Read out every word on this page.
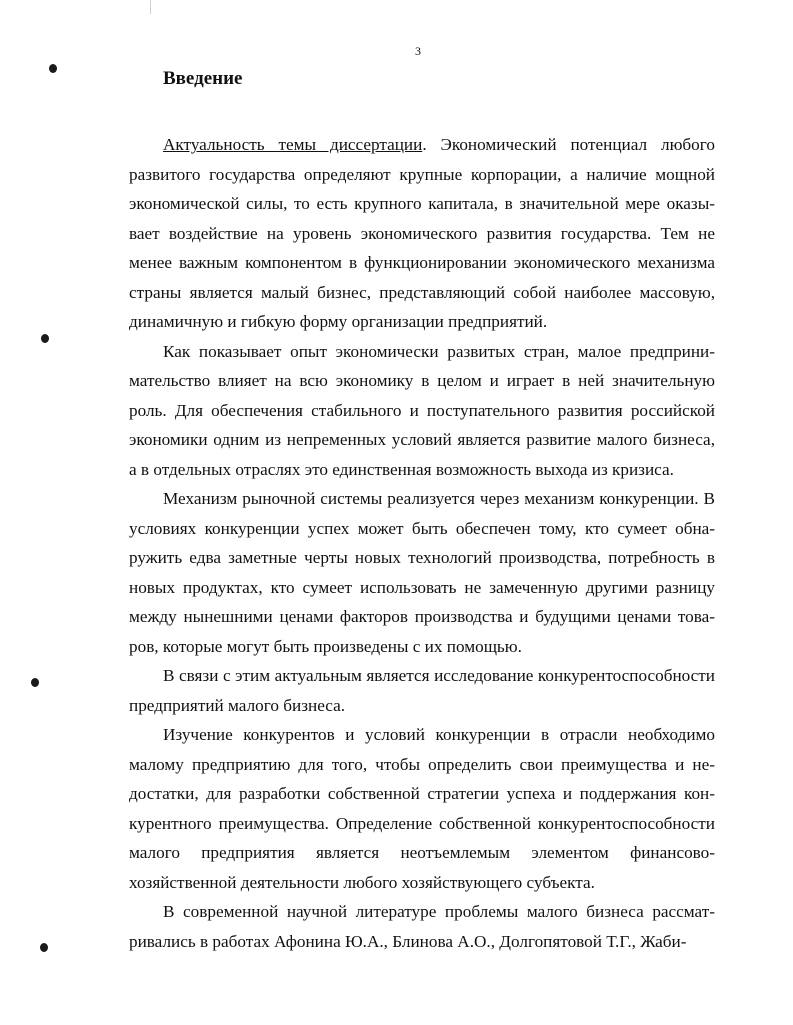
3
Введение

Актуальность темы диссертации. Экономический потенциал любого развитого государства определяют крупные корпорации, а наличие мощной экономической силы, то есть крупного капитала, в значительной мере оказывает воздействие на уровень экономического развития государства. Тем не менее важным компонентом в функционировании экономического механизма страны является малый бизнес, представляющий собой наиболее массовую, динамичную и гибкую форму организации предприятий.

Как показывает опыт экономически развитых стран, малое предпринимательство влияет на всю экономику в целом и играет в ней значительную роль. Для обеспечения стабильного и поступательного развития российской экономики одним из непременных условий является развитие малого бизнеса, а в отдельных отраслях это единственная возможность выхода из кризиса.

Механизм рыночной системы реализуется через механизм конкуренции. В условиях конкуренции успех может быть обеспечен тому, кто сумеет обнаружить едва заметные черты новых технологий производства, потребность в новых продуктах, кто сумеет использовать не замеченную другими разницу между нынешними ценами факторов производства и будущими ценами товаров, которые могут быть произведены с их помощью.

В связи с этим актуальным является исследование конкурентоспособности предприятий малого бизнеса.

Изучение конкурентов и условий конкуренции в отрасли необходимо малому предприятию для того, чтобы определить свои преимущества и недостатки, для разработки собственной стратегии успеха и поддержания конкурентного преимущества. Определение собственной конкурентоспособности малого предприятия является неотъемлемым элементом финансово-хозяйственной деятельности любого хозяйствующего субъекта.

В современной научной литературе проблемы малого бизнеса рассматривались в работах Афонина Ю.А., Блинова А.О., Долгопятовой Т.Г., Жаби-
